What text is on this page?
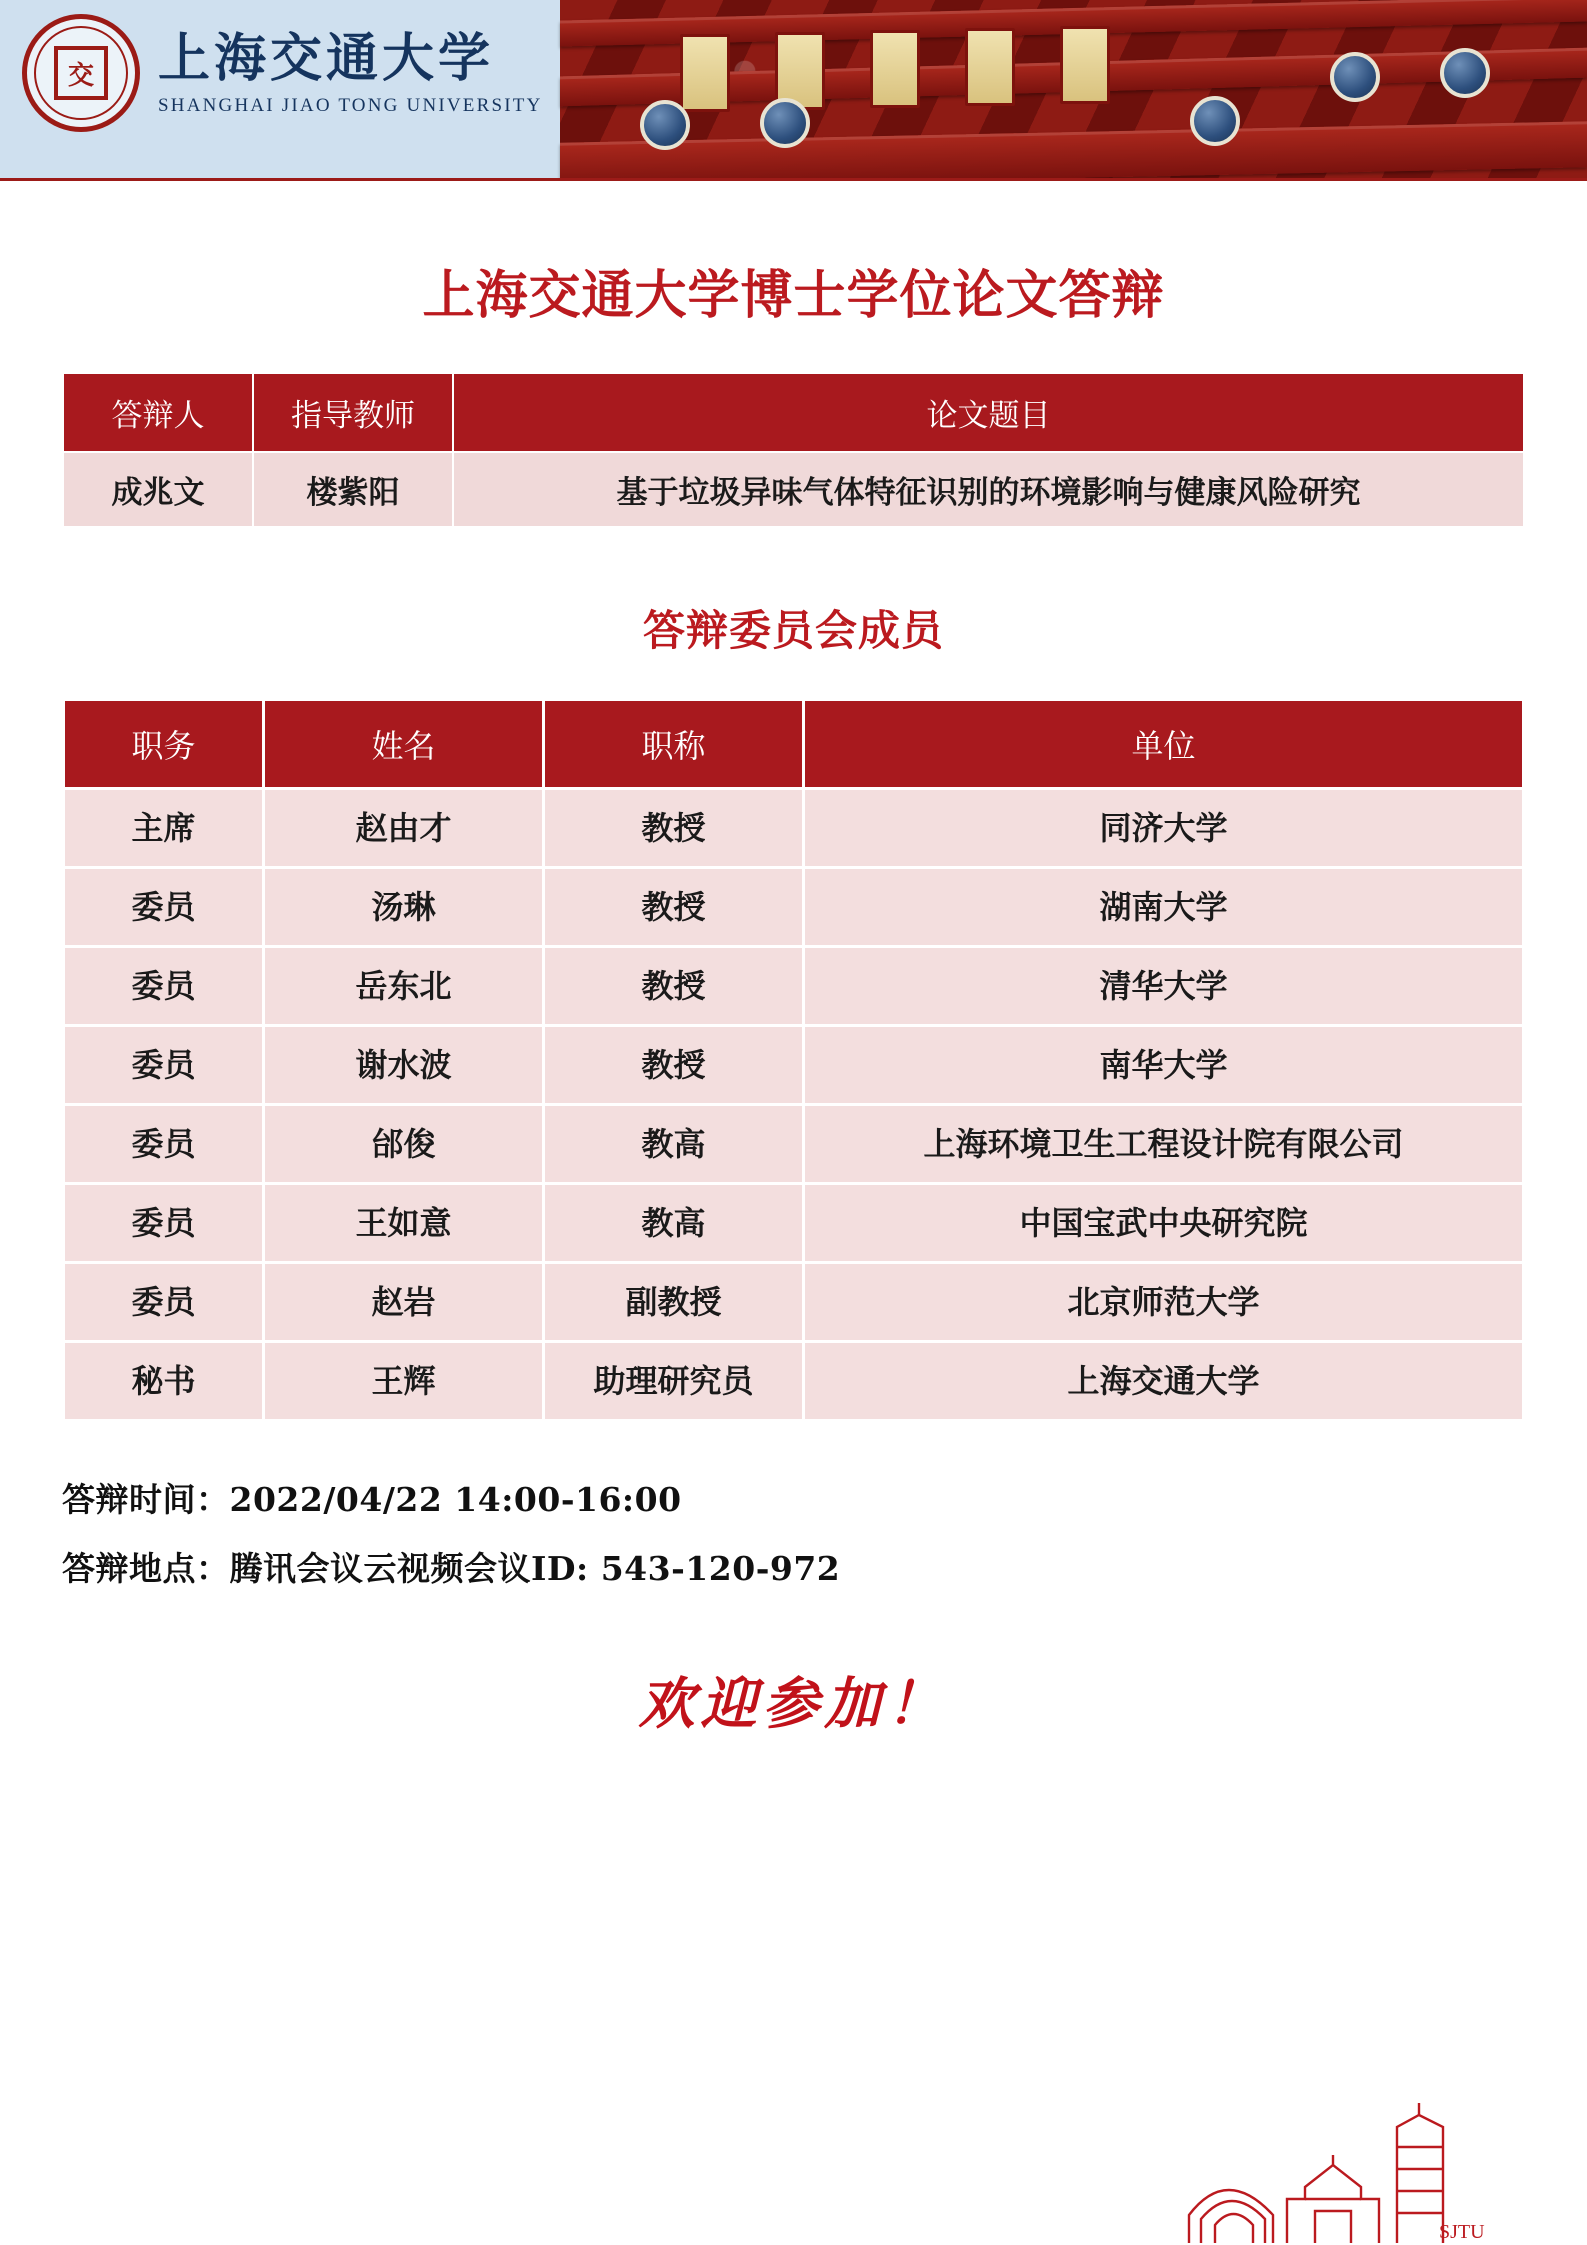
交 上海交通大学
SHANGHAI JIAO TONG UNIVERSITY
上海交通大学博士学位论文答辩
答辩人	指导教师	论文题目
成兆文	楼紫阳	基于垃圾异味气体特征识别的环境影响与健康风险研究
答辩委员会成员
职务	姓名	职称	单位
主席	赵由才	教授	同济大学
委员	汤琳	教授	湖南大学
委员	岳东北	教授	清华大学
委员	谢水波	教授	南华大学
委员	邰俊	教高	上海环境卫生工程设计院有限公司
委员	王如意	教高	中国宝武中央研究院
委员	赵岩	副教授	北京师范大学
秘书	王辉	助理研究员	上海交通大学
答辩时间：2022/04/22 14:00-16:00
答辩地点：腾讯会议云视频会议ID: 543-120-972
欢迎参加！
SJTU
